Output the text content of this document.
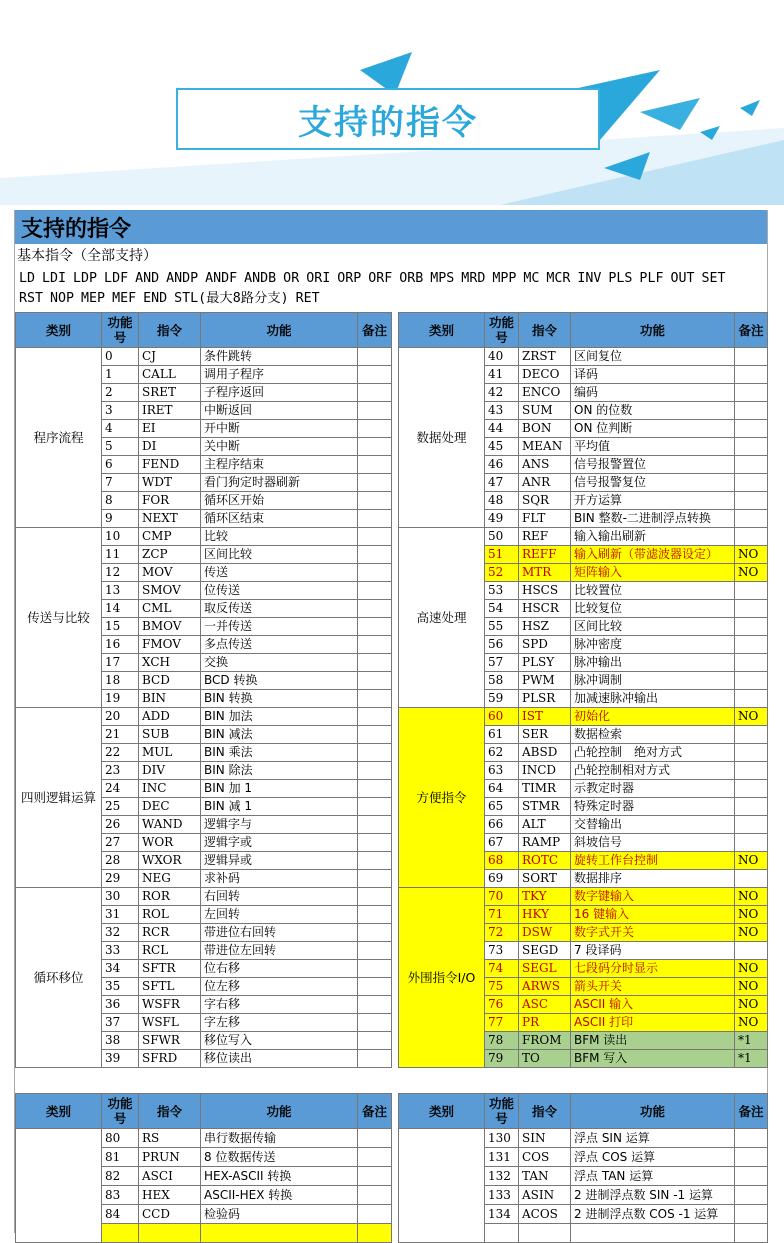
支持的指令
支持的指令
基本指令（全部支持）
LD LDI LDP LDF AND ANDP ANDF ANDB OR ORI ORP ORF ORB MPS MRD MPP MC MCR INV PLS PLF OUT SET
RST NOP MEP MEF END STL(最大8路分支) RET
类别	功能号	指令	功能	备注
程序流程	0	CJ	条件跳转	
	1	CALL	调用子程序	
	2	SRET	子程序返回	
	3	IRET	中断返回	
	4	EI	开中断	
	5	DI	关中断	
	6	FEND	主程序结束	
	7	WDT	看门狗定时器刷新	
	8	FOR	循环区开始	
	9	NEXT	循环区结束	
传送与比较	10	CMP	比较	
	11	ZCP	区间比较	
	12	MOV	传送	
	13	SMOV	位传送	
	14	CML	取反传送	
	15	BMOV	一并传送	
	16	FMOV	多点传送	
	17	XCH	交换	
	18	BCD	BCD 转换	
	19	BIN	BIN 转换	
四则逻辑运算	20	ADD	BIN 加法	
	21	SUB	BIN 减法	
	22	MUL	BIN 乘法	
	23	DIV	BIN 除法	
	24	INC	BIN 加 1	
	25	DEC	BIN 减 1	
	26	WAND	逻辑字与	
	27	WOR	逻辑字或	
	28	WXOR	逻辑异或	
	29	NEG	求补码	
循环移位	30	ROR	右回转	
	31	ROL	左回转	
	32	RCR	带进位右回转	
	33	RCL	带进位左回转	
	34	SFTR	位右移	
	35	SFTL	位左移	
	36	WSFR	字右移	
	37	WSFL	字左移	
	38	SFWR	移位写入	
	39	SFRD	移位读出	
类别	功能号	指令	功能	备注
数据处理	40	ZRST	区间复位	
	41	DECO	译码	
	42	ENCO	编码	
	43	SUM	ON 的位数	
	44	BON	ON 位判断	
	45	MEAN	平均值	
	46	ANS	信号报警置位	
	47	ANR	信号报警复位	
	48	SQR	开方运算	
	49	FLT	BIN 整数-二进制浮点转换	
高速处理	50	REF	输入输出刷新	
	51	REFF	输入刷新（带滤波器设定）	NO
	52	MTR	矩阵输入	NO
	53	HSCS	比较置位	
	54	HSCR	比较复位	
	55	HSZ	区间比较	
	56	SPD	脉冲密度	
	57	PLSY	脉冲输出	
	58	PWM	脉冲调制	
	59	PLSR	加减速脉冲输出	
方便指令	60	IST	初始化	NO
	61	SER	数据检索	
	62	ABSD	凸轮控制　绝对方式	
	63	INCD	凸轮控制相对方式	
	64	TIMR	示教定时器	
	65	STMR	特殊定时器	
	66	ALT	交替输出	
	67	RAMP	斜坡信号	
	68	ROTC	旋转工作台控制	NO
	69	SORT	数据排序	
外围指令I/O	70	TKY	数字键输入	NO
	71	HKY	16 键输入	NO
	72	DSW	数字式开关	NO
	73	SEGD	7 段译码	
	74	SEGL	七段码分时显示	NO
	75	ARWS	箭头开关	NO
	76	ASC	ASCII 输入	NO
	77	PR	ASCII 打印	NO
	78	FROM	BFM 读出	*1
	79	TO	BFM 写入	*1
类别	功能号	指令	功能	备注
	80	RS	串行数据传输	
	81	PRUN	8 位数据传送	
	82	ASCI	HEX-ASCII 转换	
	83	HEX	ASCII-HEX 转换	
	84	CCD	检验码	

类别	功能号	指令	功能	备注
	130	SIN	浮点 SIN 运算	
	131	COS	浮点 COS 运算	
	132	TAN	浮点 TAN 运算	
	133	ASIN	2 进制浮点数 SIN -1 运算	
	134	ACOS	2 进制浮点数 COS -1 运算	
